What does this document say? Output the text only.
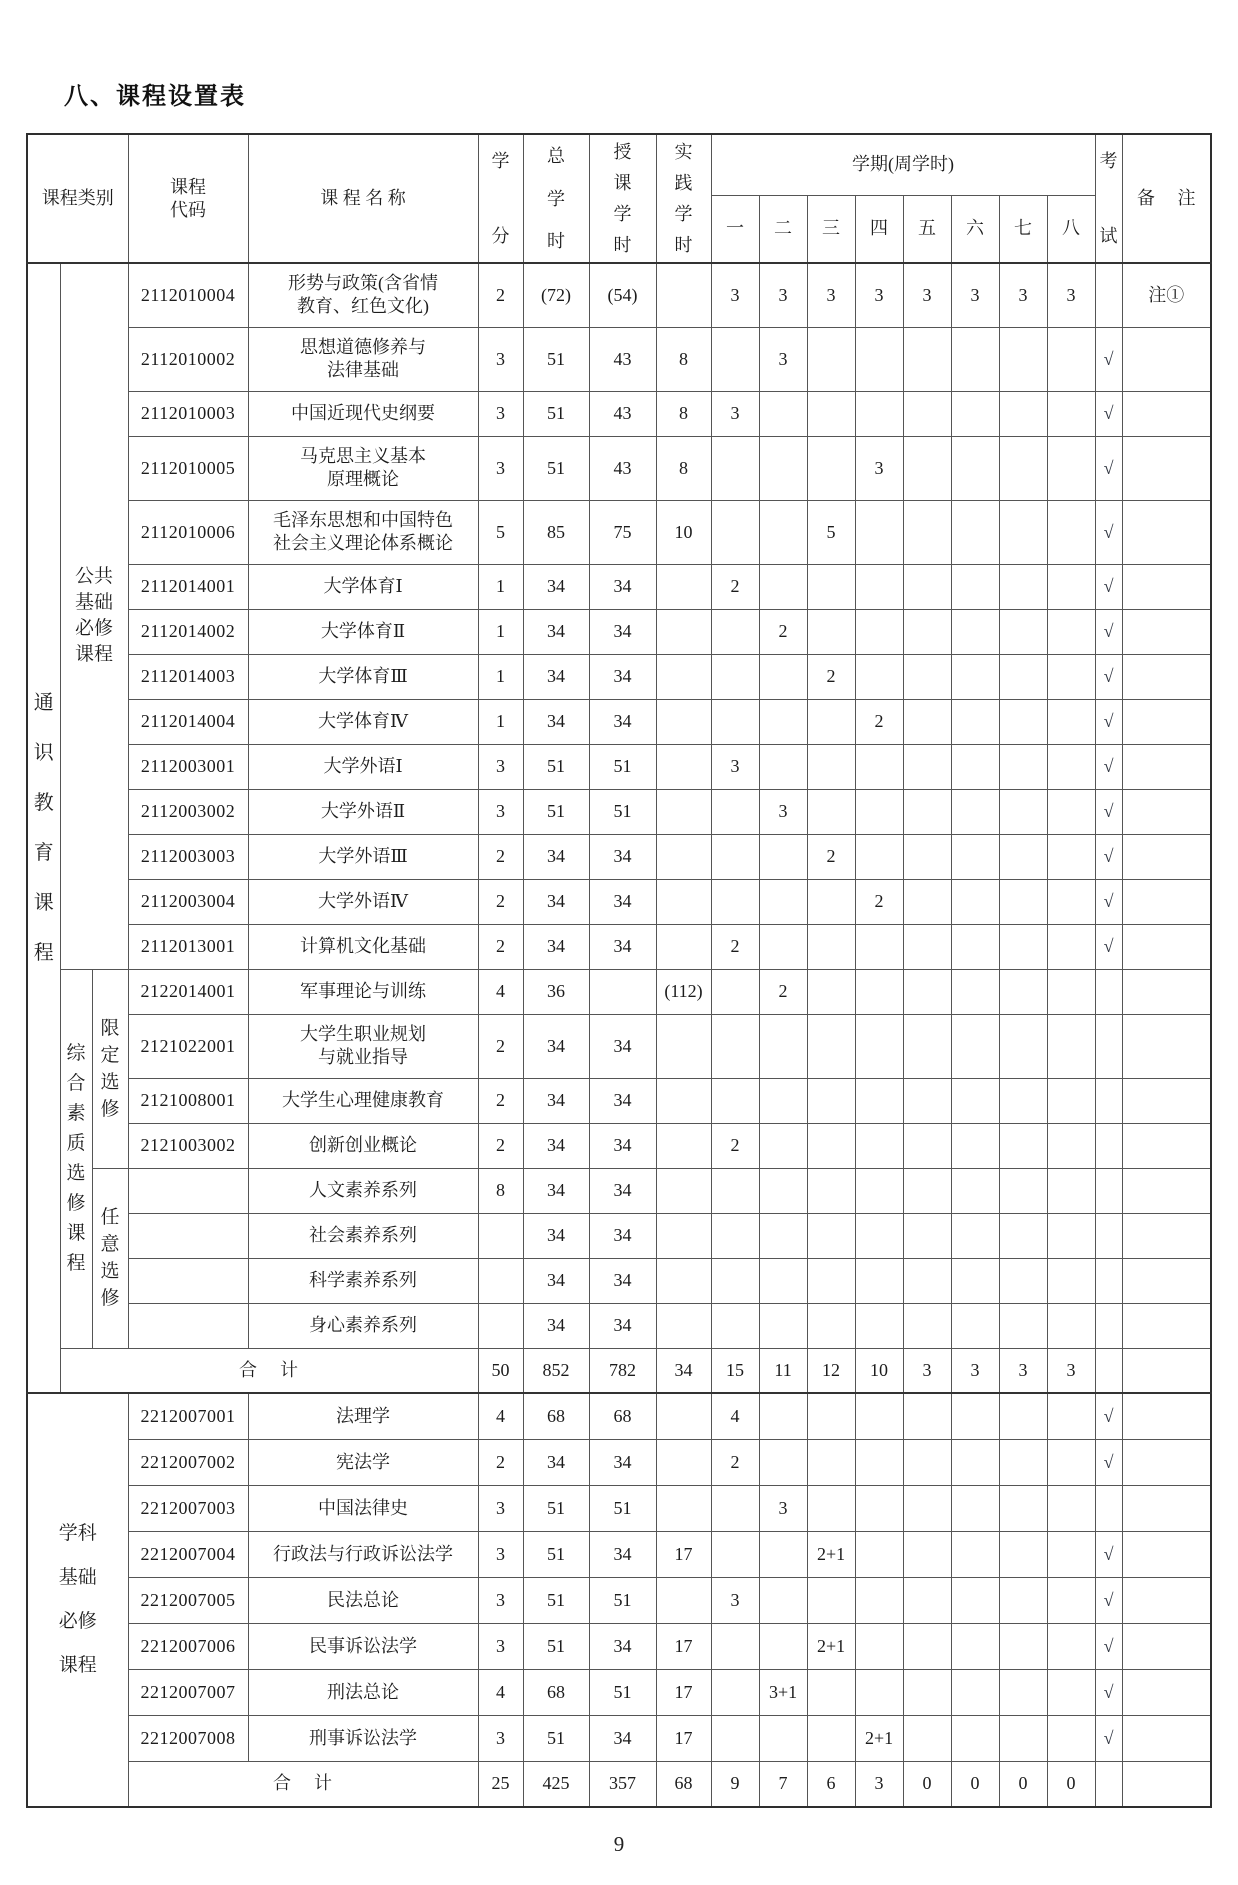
八、课程设置表
课程类别	课程
代码	课 程 名 称	
学
分

总
学
时

授
课
学
时

实
践
学
时
	学期(周学时)	考
试
	备 注
									一	二	三	四	五	六	七	八		

通
识
教
育
课
程

公共
基础
必修
课程
	2112010004	形势与政策(含省情
教育、红色文化)	2	(72)	(54)		3	3	3	3	3	3	3	3		注①
			2112010002	思想道德修养与
法律基础	3	51	43	8		3							√	
			2112010003	中国近现代史纲要	3	51	43	8	3								√	
			2112010005	马克思主义基本
原理概论	3	51	43	8				3					√	
			2112010006	毛泽东思想和中国特色
社会主义理论体系概论	5	85	75	10			5						√	
			2112014001	大学体育Ⅰ	1	34	34		2								√	
			2112014002	大学体育Ⅱ	1	34	34			2							√	
			2112014003	大学体育Ⅲ	1	34	34				2						√	
			2112014004	大学体育Ⅳ	1	34	34					2					√	
			2112003001	大学外语Ⅰ	3	51	51		3								√	
			2112003002	大学外语Ⅱ	3	51	51			3							√	
			2112003003	大学外语Ⅲ	2	34	34				2						√	
			2112003004	大学外语Ⅳ	2	34	34					2					√	
			2112013001	计算机文化基础	2	34	34		2								√	

综
合
素
质
选
修
课
程

限
定
选
修
	2122014001	军事理论与训练	4	36		(112)		2								
			2121022001	大学生职业规划
与就业指导	2	34	34											
			2121008001	大学生心理健康教育	2	34	34											
			2121003002	创新创业概论	2	34	34		2									

		任
意
选
修		人文素养系列	8	34	34											
				社会素养系列		34	34											
				科学素养系列		34	34											
				身心素养系列		34	34											
	合    计				50	852	782	34	15	11	12	10	3	3	3	3		

学科
基础
必修
课程			2212007001	法理学	4	68	68		4								√	
			2212007002	宪法学	2	34	34		2								√	
			2212007003	中国法律史	3	51	51			3								
			2212007004	行政法与行政诉讼法学	3	51	34	17			2+1						√	
			2212007005	民法总论	3	51	51		3								√	
			2212007006	民事诉讼法学	3	51	34	17			2+1						√	
			2212007007	刑法总论	4	68	51	17		3+1							√	
			2212007008	刑事诉讼法学	3	51	34	17				2+1					√	
			合    计		25	425	357	68	9	7	6	3	0	0	0	0		
9
